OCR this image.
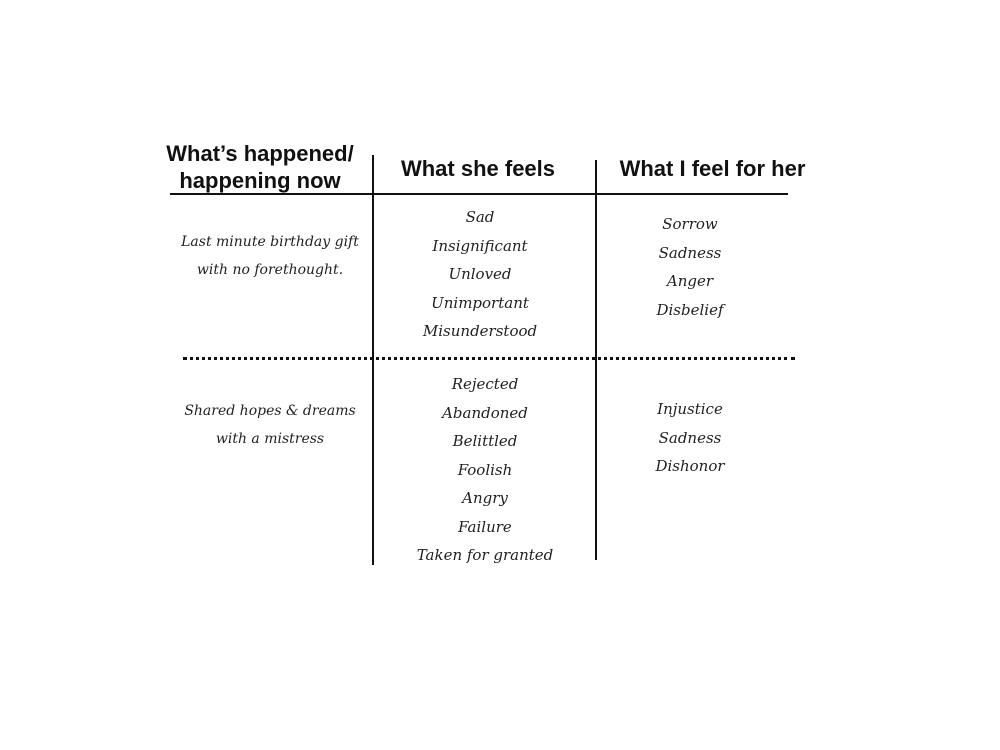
What’s happened/
happening now	What she feels	What I feel for her
Last minute birthday gift
with no forethought.
Sad
Insignificant
Unloved
Unimportant
Misunderstood
Sorrow
Sadness
Anger
Disbelief
Shared hopes & dreams
with a mistress
Rejected
Abandoned
Belittled
Foolish
Angry
Failure
Taken for granted
Injustice
Sadness
Dishonor
